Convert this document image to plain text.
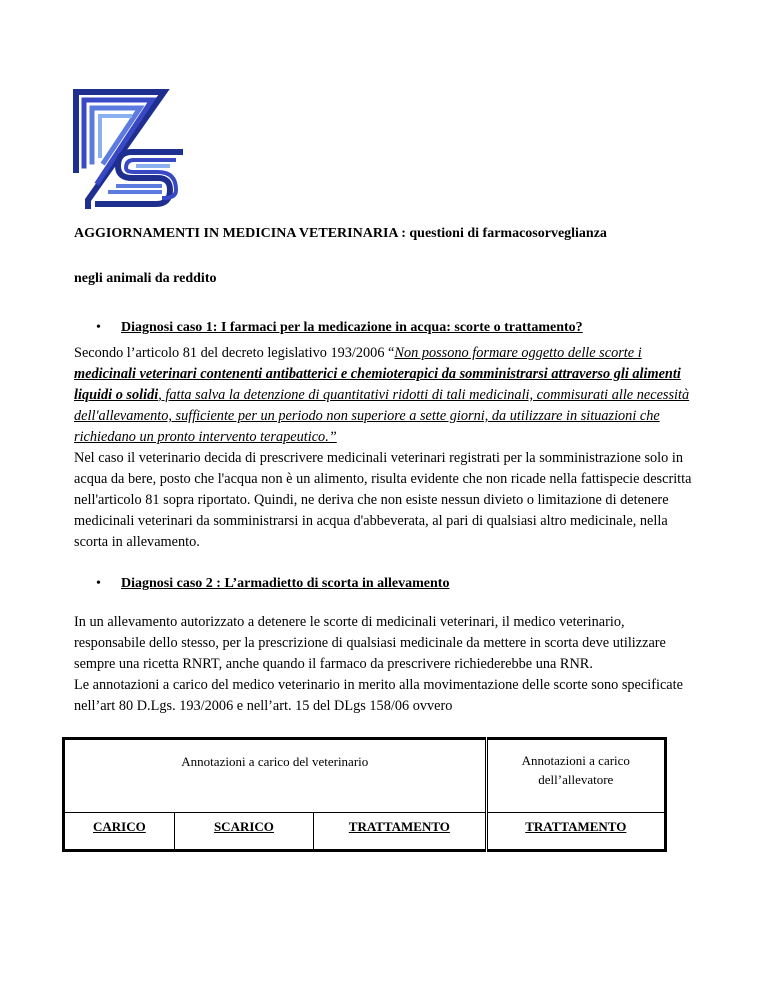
AGGIORNAMENTI IN MEDICINA VETERINARIA : questioni di farmacosorveglianza
negli animali da reddito
• Diagnosi caso 1: I farmaci per la medicazione in acqua: scorte o trattamento?

Secondo l’articolo 81 del decreto legislativo 193/2006 “Non possono formare oggetto delle scorte i medicinali veterinari contenenti antibatterici e chemioterapici da somministrarsi attraverso gli alimenti liquidi o solidi, fatta salva la detenzione di quantitativi ridotti di tali medicinali, commisurati alle necessità dell'allevamento, sufficiente per un periodo non superiore a sette giorni, da utilizzare in situazioni che richiedano un pronto intervento terapeutico.”
Nel caso il veterinario decida di prescrivere medicinali veterinari registrati per la somministrazione solo in acqua da bere, posto che l'acqua non è un alimento, risulta evidente che non ricade nella fattispecie descritta nell'articolo 81 sopra riportato. Quindi, ne deriva che non esiste nessun divieto o limitazione di detenere medicinali veterinari da somministrarsi in acqua d'abbeverata, al pari di qualsiasi altro medicinale, nella scorta in allevamento.

• Diagnosi caso 2 : L’armadietto di scorta in allevamento

In un allevamento autorizzato a detenere le scorte di medicinali veterinari, il medico veterinario, responsabile dello stesso, per la prescrizione di qualsiasi medicinale da mettere in scorta deve utilizzare sempre una ricetta RNRT, anche quando il farmaco da prescrivere richiederebbe una RNR.
Le annotazioni a carico del medico veterinario in merito alla movimentazione delle scorte sono specificate nell’art 80 D.Lgs. 193/2006 e nell’art. 15 del DLgs 158/06 ovvero

Annotazioni a carico del veterinario			Annotazioni a carico dell’allevatore
CARICO	SCARICO	TRATTAMENTO	TRATTAMENTO
